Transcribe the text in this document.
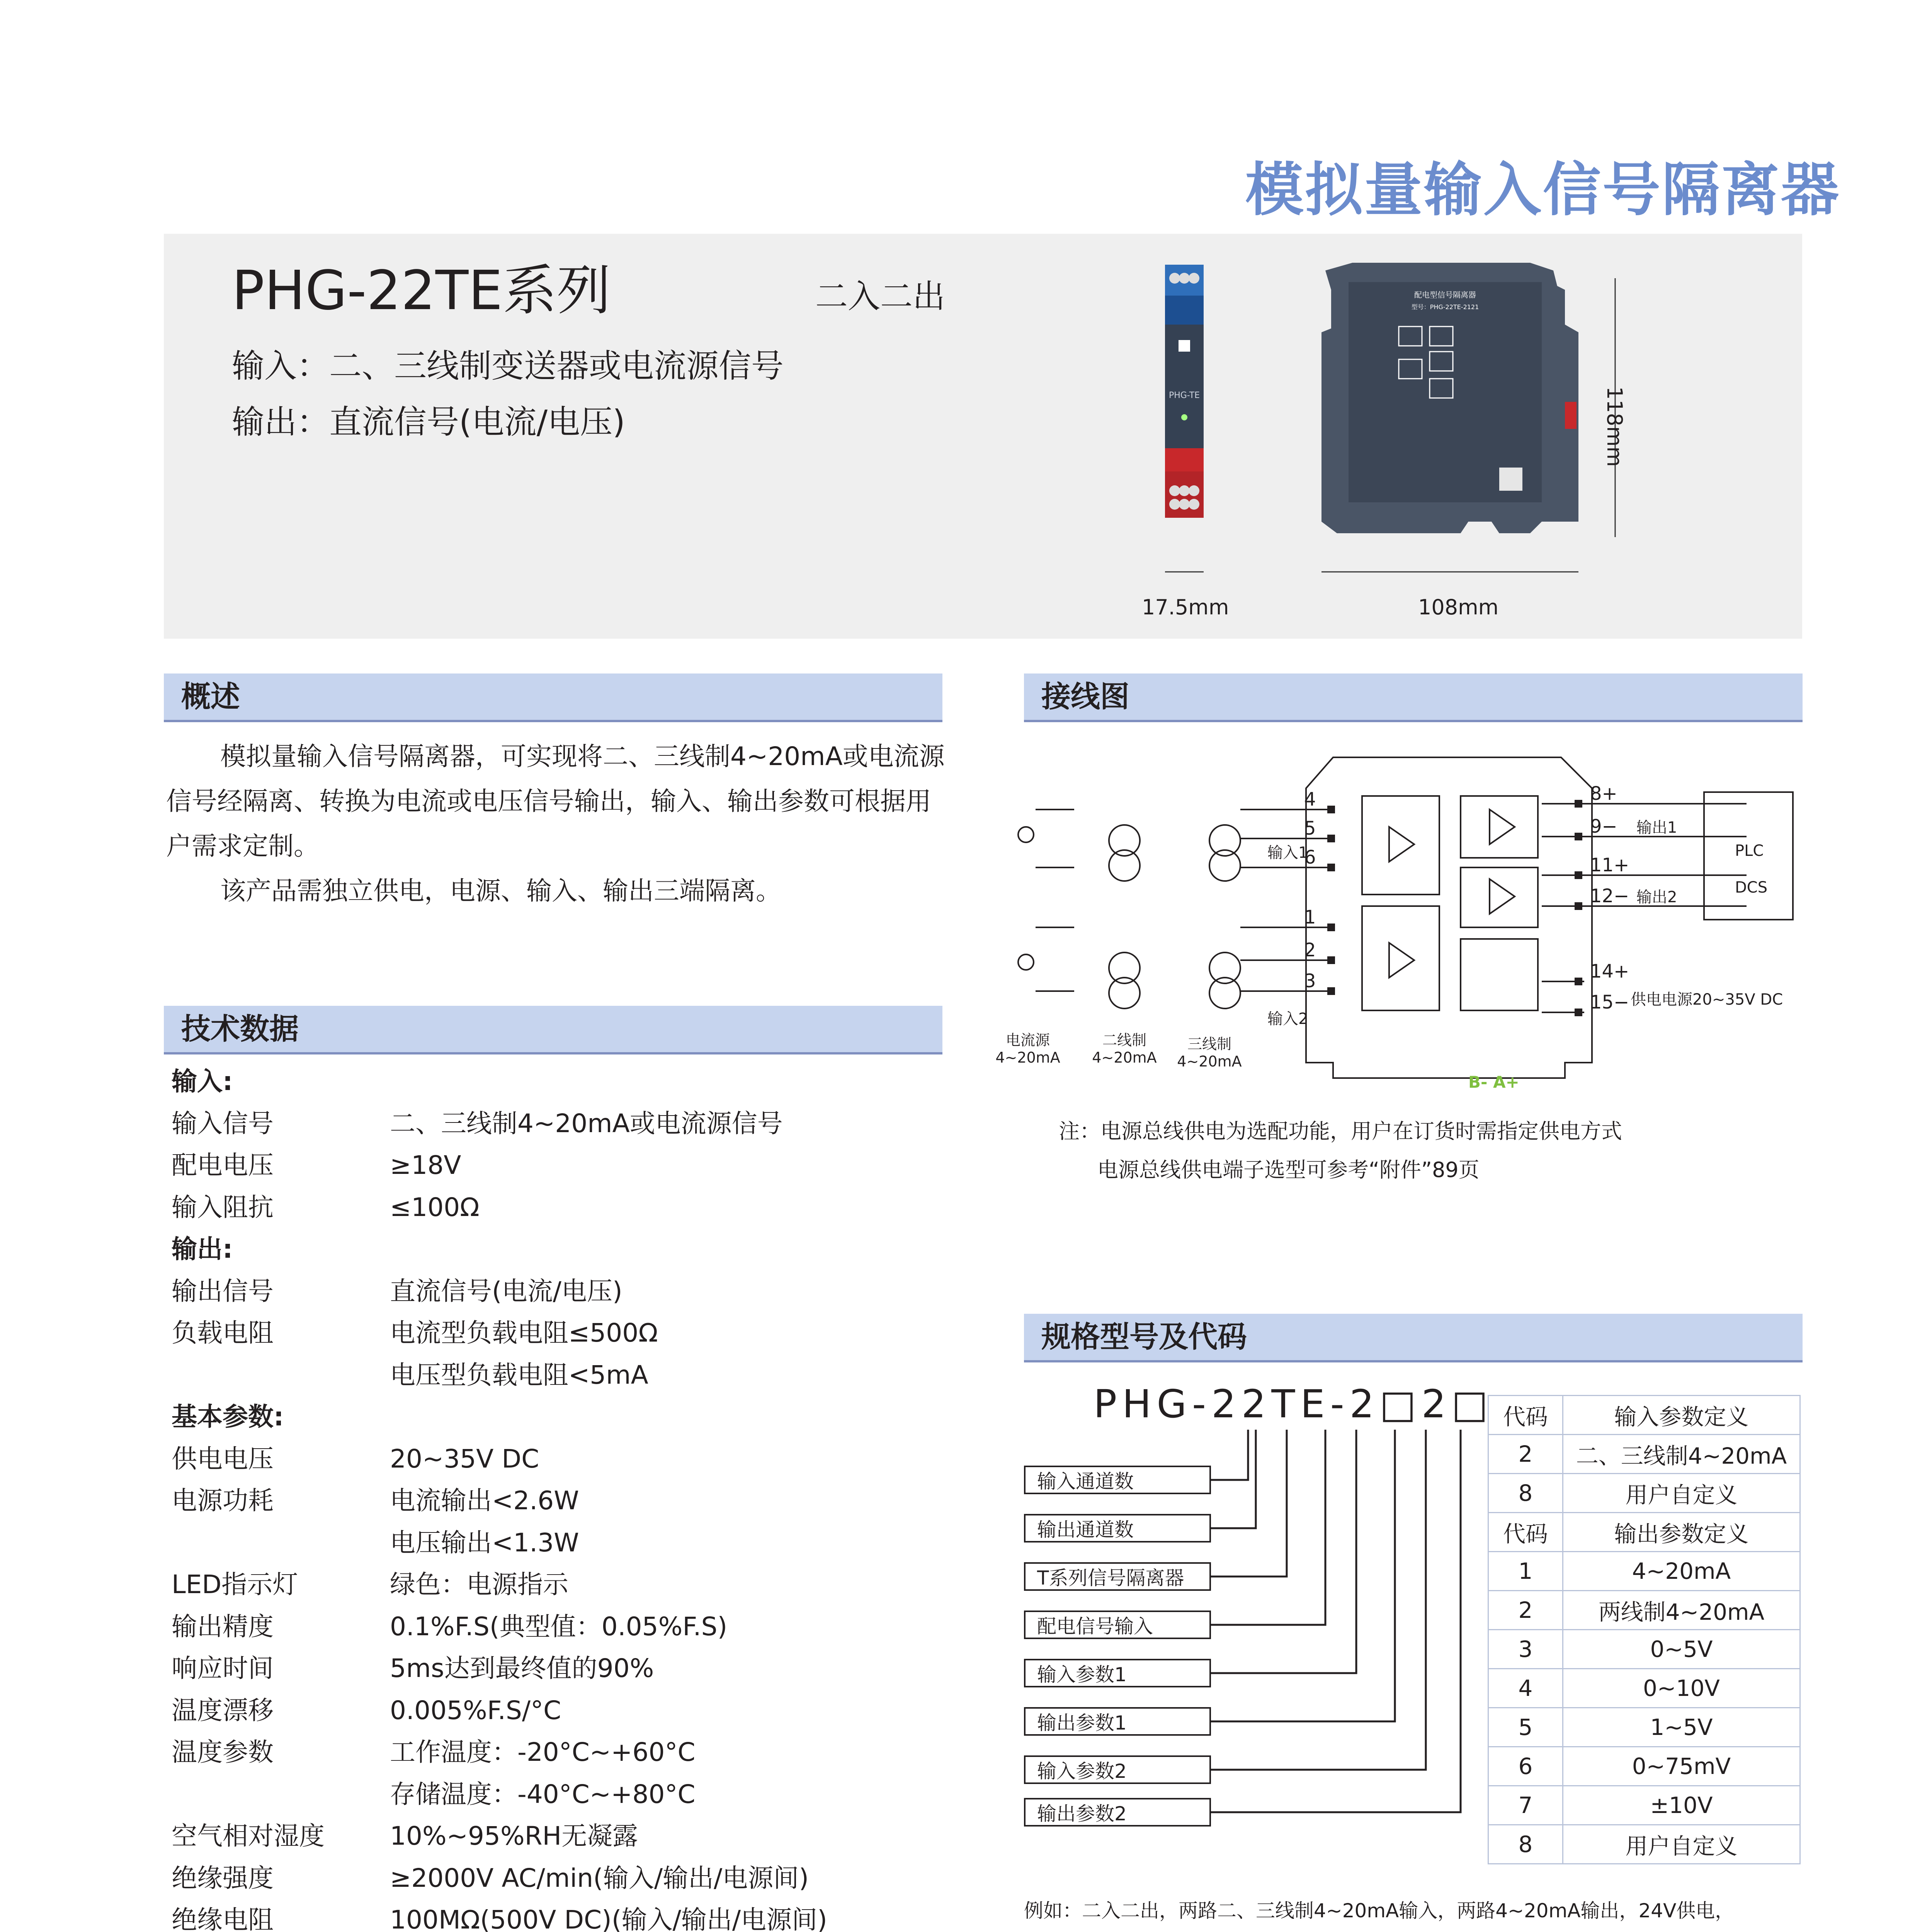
模拟量输入信号隔离器
PHG-22TE系列	二入二出
输入：二、三线制变送器或电流源信号
输出：直流信号(电流/电压)
PHG-TE
配电型信号隔离器
型号：PHG-22TE-2121
17.5mm	108mm
118mm
概述
模拟量输入信号隔离器，可实现将二、三线制4~20mA或电流源
信号经隔离、转换为电流或电压信号输出，输入、输出参数可根据用
户需求定制。
该产品需独立供电，电源、输入、输出三端隔离。
技术数据
输入:
输入信号	二、三线制4~20mA或电流源信号
配电电压	≥18V
输入阻抗	≤100Ω
输出:
输出信号	直流信号(电流/电压)
负载电阻	电流型负载电阻≤500Ω
电压型负载电阻<5mA
基本参数:
供电电压	20~35V DC
电源功耗	电流输出<2.6W
电压输出<1.3W
LED指示灯	绿色：电源指示
输出精度	0.1%F.S(典型值：0.05%F.S)
响应时间	5ms达到最终值的90%
温度漂移	0.005%F.S/°C
温度参数	工作温度：-20°C~+60°C
存储温度：-40°C~+80°C
空气相对湿度	10%~95%RH无凝露
绝缘强度	≥2000V AC/min(输入/输出/电源间)
绝缘电阻	100MΩ(500V DC)(输入/输出/电源间)
接线图
4
5
6
1
2
3
8+
9−
11+
12−
14+
15−
输入1
输入2
输出1
输出2
PLC
DCS
供电电源20~35V DC
B- A+
电流源
4~20mA
二线制
4~20mA
三线制
4~20mA
注：电源总线供电为选配功能，用户在订货时需指定供电方式
电源总线供电端子选型可参考“附件”89页
规格型号及代码
PHG-22TE-2□2□
输入通道数
输出通道数
T系列信号隔离器
配电信号输入
输入参数1
输出参数1
输入参数2
输出参数2
代码	输入参数定义
2	二、三线制4~20mA
8	用户自定义
代码	输出参数定义
1	4~20mA
2	两线制4~20mA
3	0~5V
4	0~10V
5	1~5V
6	0~75mV
7	±10V
8	用户自定义
例如：二入二出，两路二、三线制4~20mA输入，两路4~20mA输出，24V供电，
